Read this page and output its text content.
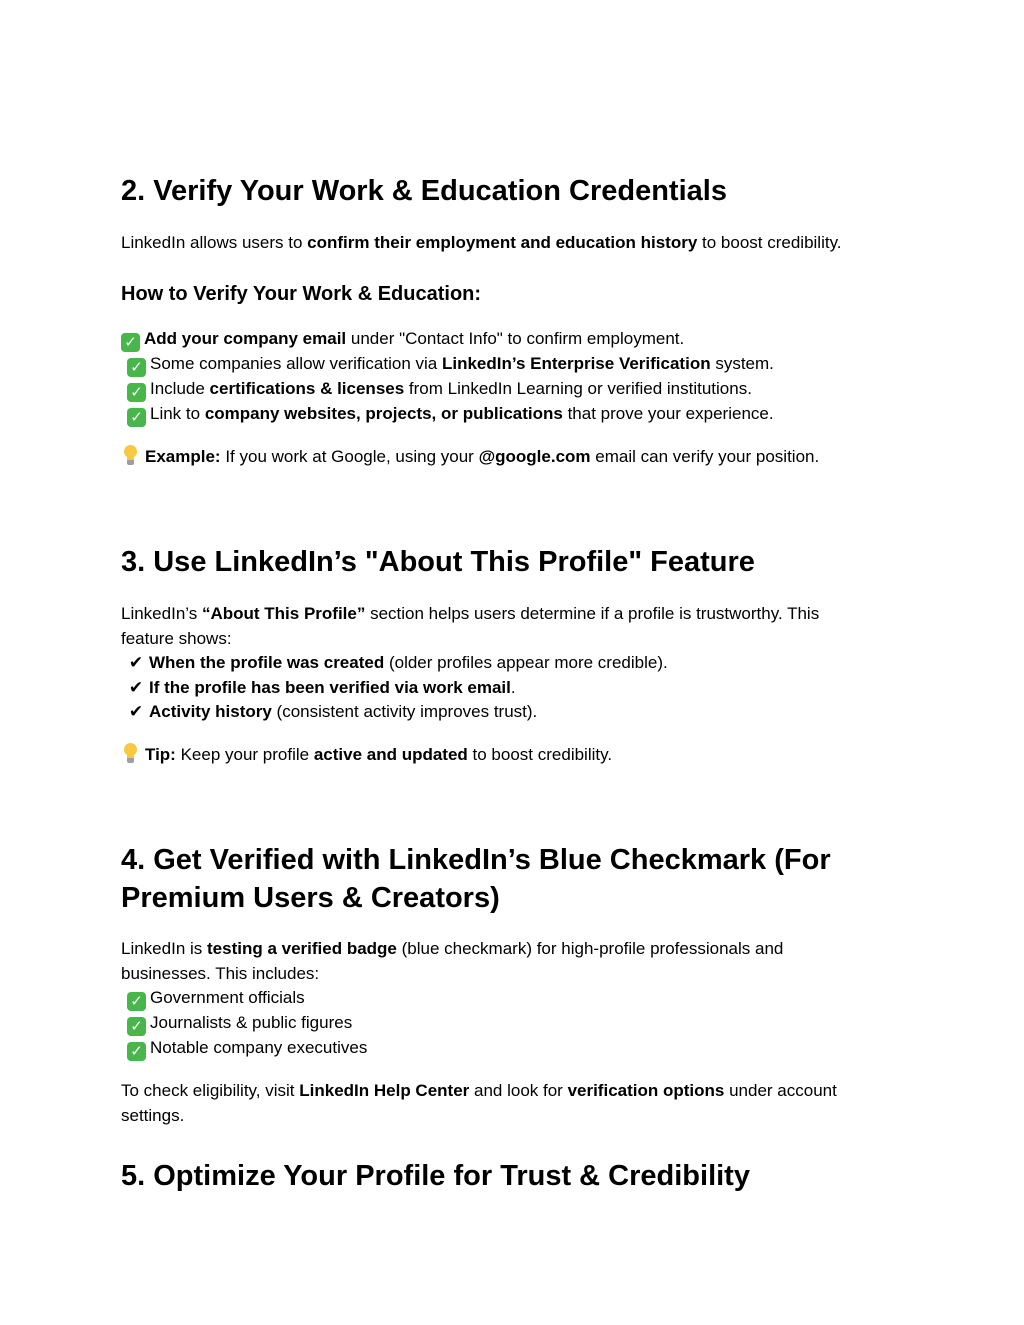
2. Verify Your Work & Education Credentials

LinkedIn allows users to confirm their employment and education history to boost credibility.

How to Verify Your Work & Education:
✓ Add your company email under "Contact Info" to confirm employment.
✓ Some companies allow verification via LinkedIn’s Enterprise Verification system.
✓ Include certifications & licenses from LinkedIn Learning or verified institutions.
✓ Link to company websites, projects, or publications that prove your experience.

Example: If you work at Google, using your @google.com email can verify your position.

3. Use LinkedIn’s "About This Profile" Feature
LinkedIn’s “About This Profile” section helps users determine if a profile is trustworthy. This
feature shows:
✔ When the profile was created (older profiles appear more credible).
✔ If the profile has been verified via work email.
✔ Activity history (consistent activity improves trust).

Tip: Keep your profile active and updated to boost credibility.

4. Get Verified with LinkedIn’s Blue Checkmark (For
Premium Users & Creators)
LinkedIn is testing a verified badge (blue checkmark) for high-profile professionals and
businesses. This includes:
✓ Government officials
✓ Journalists & public figures
✓ Notable company executives
To check eligibility, visit LinkedIn Help Center and look for verification options under account
settings.
5. Optimize Your Profile for Trust & Credibility
